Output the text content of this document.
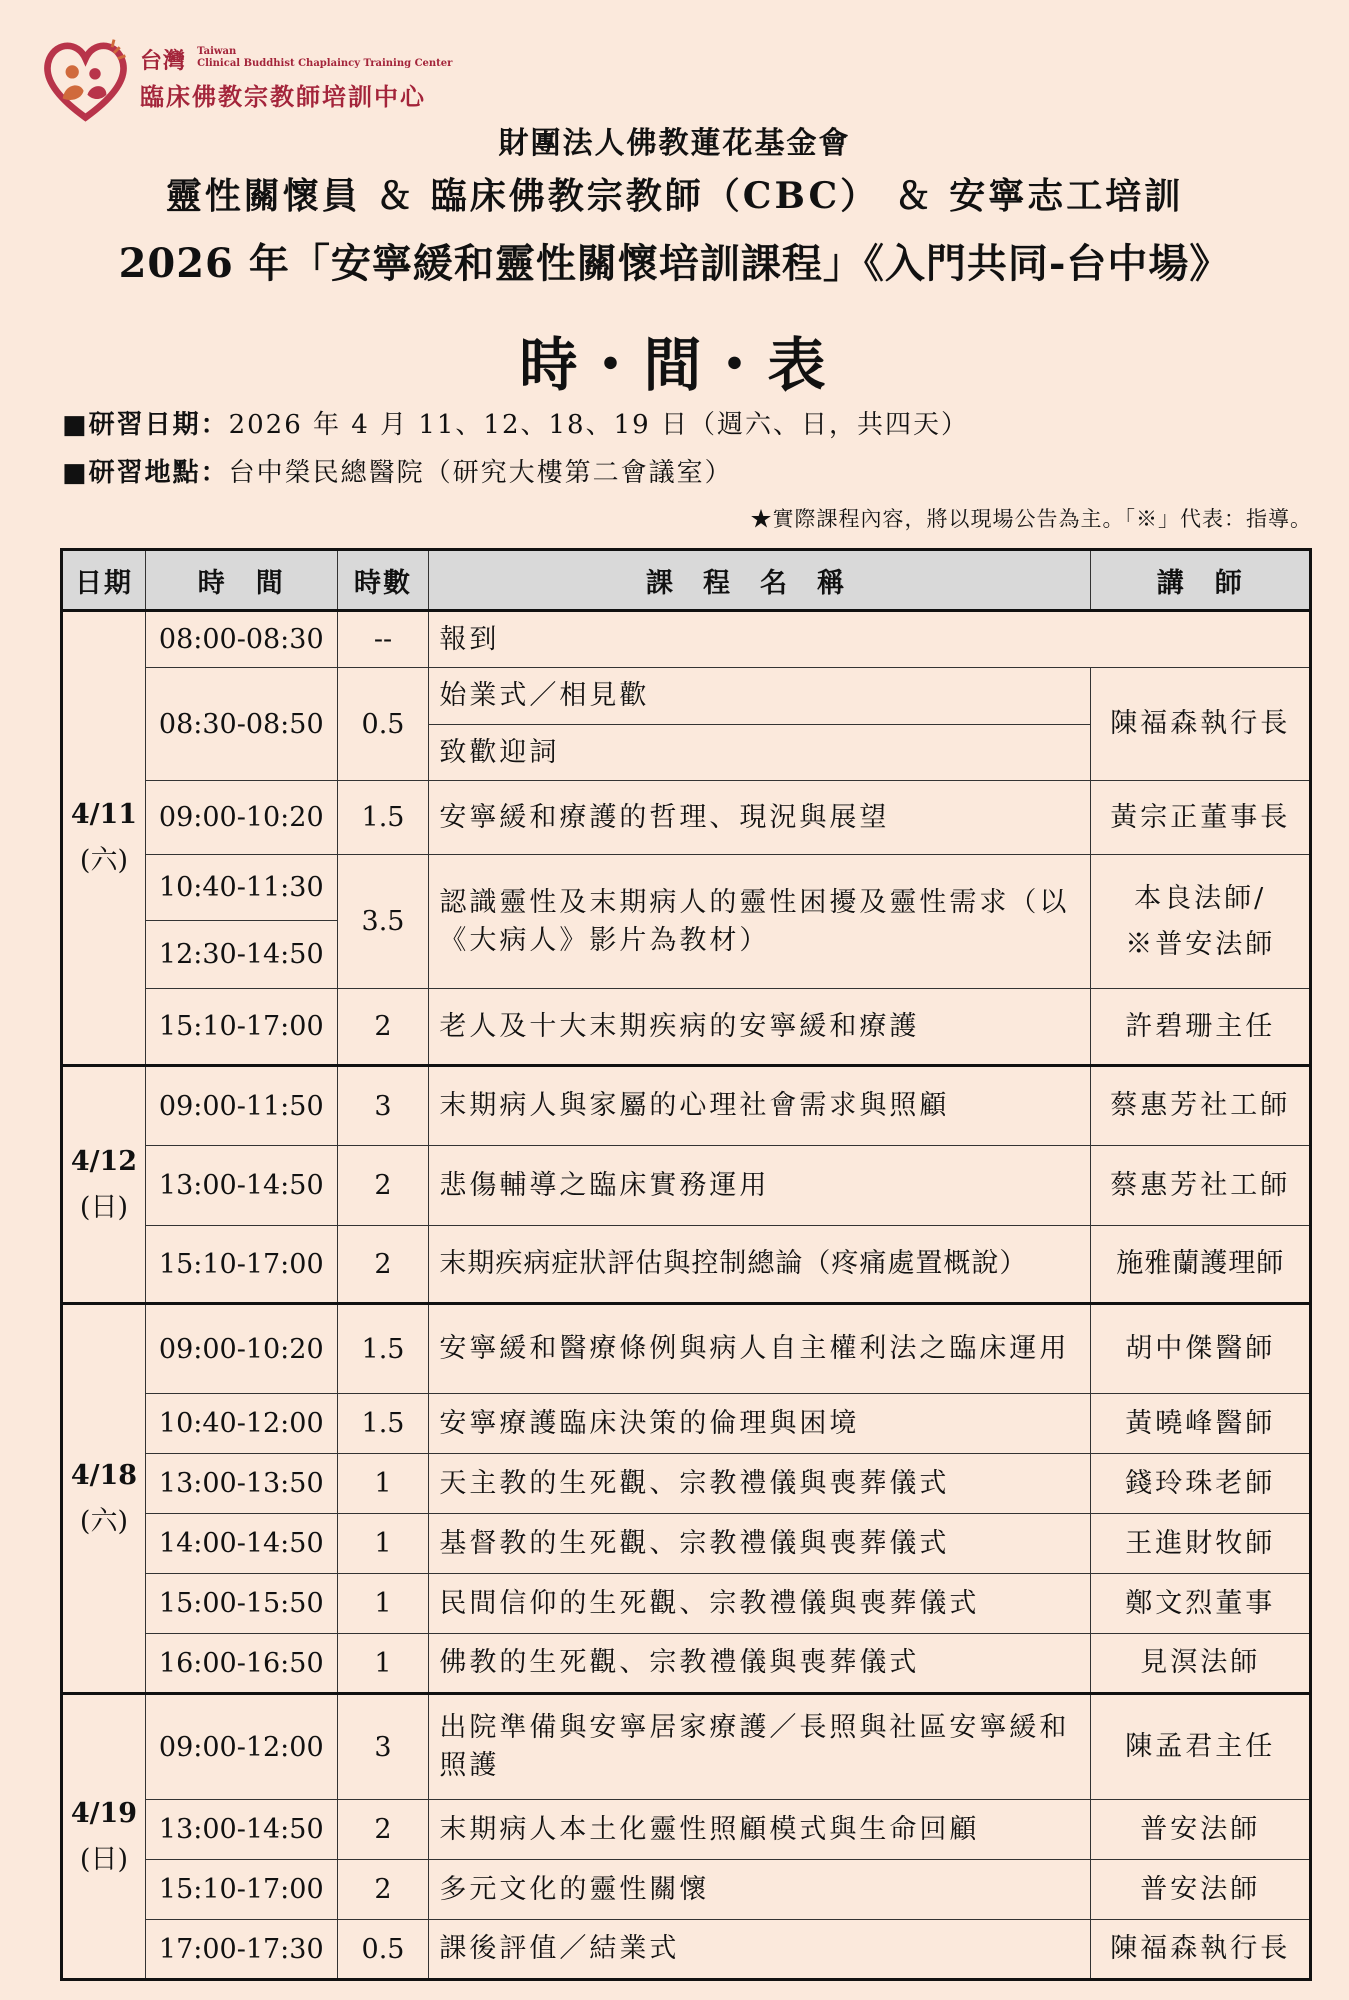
台灣 Taiwan
Clinical Buddhist Chaplaincy Training Center
臨床佛教宗教師培訓中心
財團法人佛教蓮花基金會
靈性關懷員 ＆ 臨床佛教宗教師（CBC） ＆ 安寧志工培訓
2026 年「安寧緩和靈性關懷培訓課程」《入門共同-台中場》
時・間・表
■研習日期：2026 年 4 月 11、12、18、19 日（週六、日，共四天）
■研習地點：台中榮民總醫院（研究大樓第二會議室）
★實際課程內容，將以現場公告為主。「※」代表：指導。
日期	時　間	時數	課程名稱	講　師
4/11
(六)	08:00-08:30	--	報到	
	08:30-08:50	0.5	始業式／相見歡	陳福森執行長
			致歡迎詞	
	09:00-10:20	1.5	安寧緩和療護的哲理、現況與展望	黃宗正董事長
	10:40-11:30	3.5	認識靈性及末期病人的靈性困擾及靈性需求（以《大病人》影片為教材）	本良法師/
※普安法師
	12:30-14:50			
	15:10-17:00	2	老人及十大末期疾病的安寧緩和療護	許碧珊主任
4/12
(日)	09:00-11:50	3	末期病人與家屬的心理社會需求與照顧	蔡惠芳社工師
	13:00-14:50	2	悲傷輔導之臨床實務運用	蔡惠芳社工師
	15:10-17:00	2	末期疾病症狀評估與控制總論（疼痛處置概說）	施雅蘭護理師
4/18
(六)	09:00-10:20	1.5	安寧緩和醫療條例與病人自主權利法之臨床運用	胡中傑醫師
	10:40-12:00	1.5	安寧療護臨床決策的倫理與困境	黃曉峰醫師
	13:00-13:50	1	天主教的生死觀、宗教禮儀與喪葬儀式	錢玲珠老師
	14:00-14:50	1	基督教的生死觀、宗教禮儀與喪葬儀式	王進財牧師
	15:00-15:50	1	民間信仰的生死觀、宗教禮儀與喪葬儀式	鄭文烈董事
	16:00-16:50	1	佛教的生死觀、宗教禮儀與喪葬儀式	見溟法師
4/19
(日)	09:00-12:00	3	出院準備與安寧居家療護／長照與社區安寧緩和照護	陳孟君主任
	13:00-14:50	2	末期病人本土化靈性照顧模式與生命回顧	普安法師
	15:10-17:00	2	多元文化的靈性關懷	普安法師
	17:00-17:30	0.5	課後評值／結業式	陳福森執行長
